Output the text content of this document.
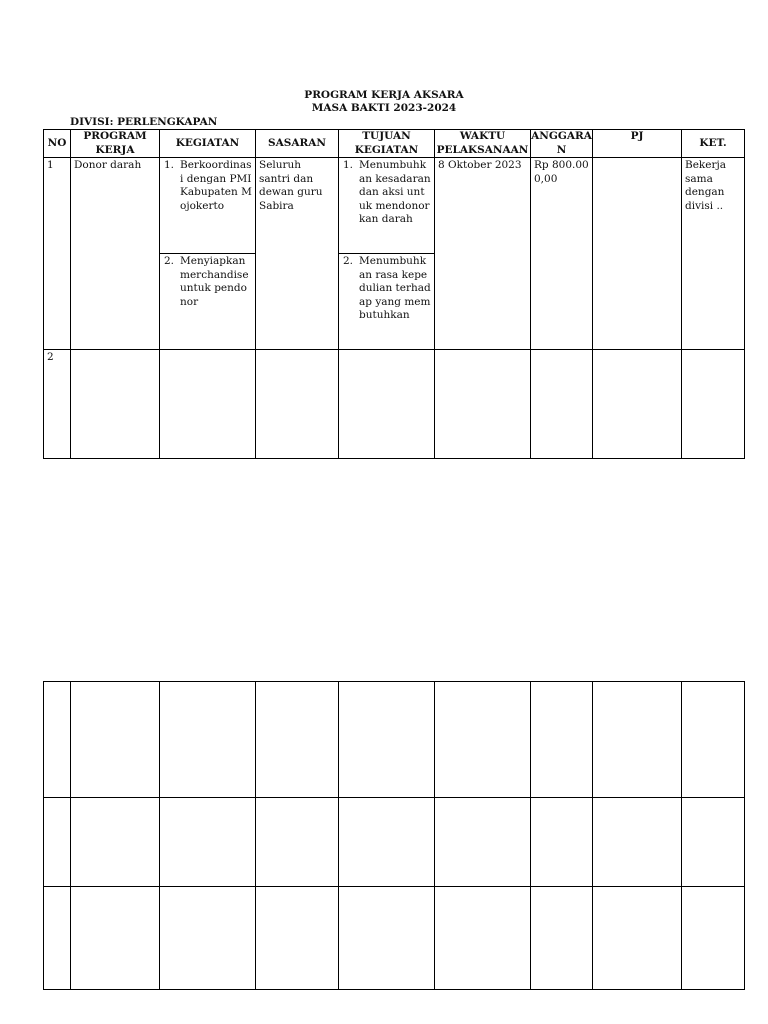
PROGRAM KERJA AKSARA
MASA BAKTI 2023-2024
DIVISI: PERLENGKAPAN
NO	PROGRAM KERJA	KEGIATAN	SASARAN	TUJUAN KEGIATAN	WAKTU PELAKSANAAN	ANGGARAN	PJ	KET.
1	Donor darah	1. Berkoordinasi dengan PMI Kabupaten Mojokerto	Seluruh santri dan dewan guru Sabira	1. Menumbuhkan kesadaran dan aksi untuk mendonorkan darah	8 Oktober 2023	Rp 800.000,00		Bekerja sama dengan divisi ..

		2. Menyiapkan merchandise untuk pendonor		2. Menumbuhkan rasa kepedulian terhadap yang membutuhkan				

2								
